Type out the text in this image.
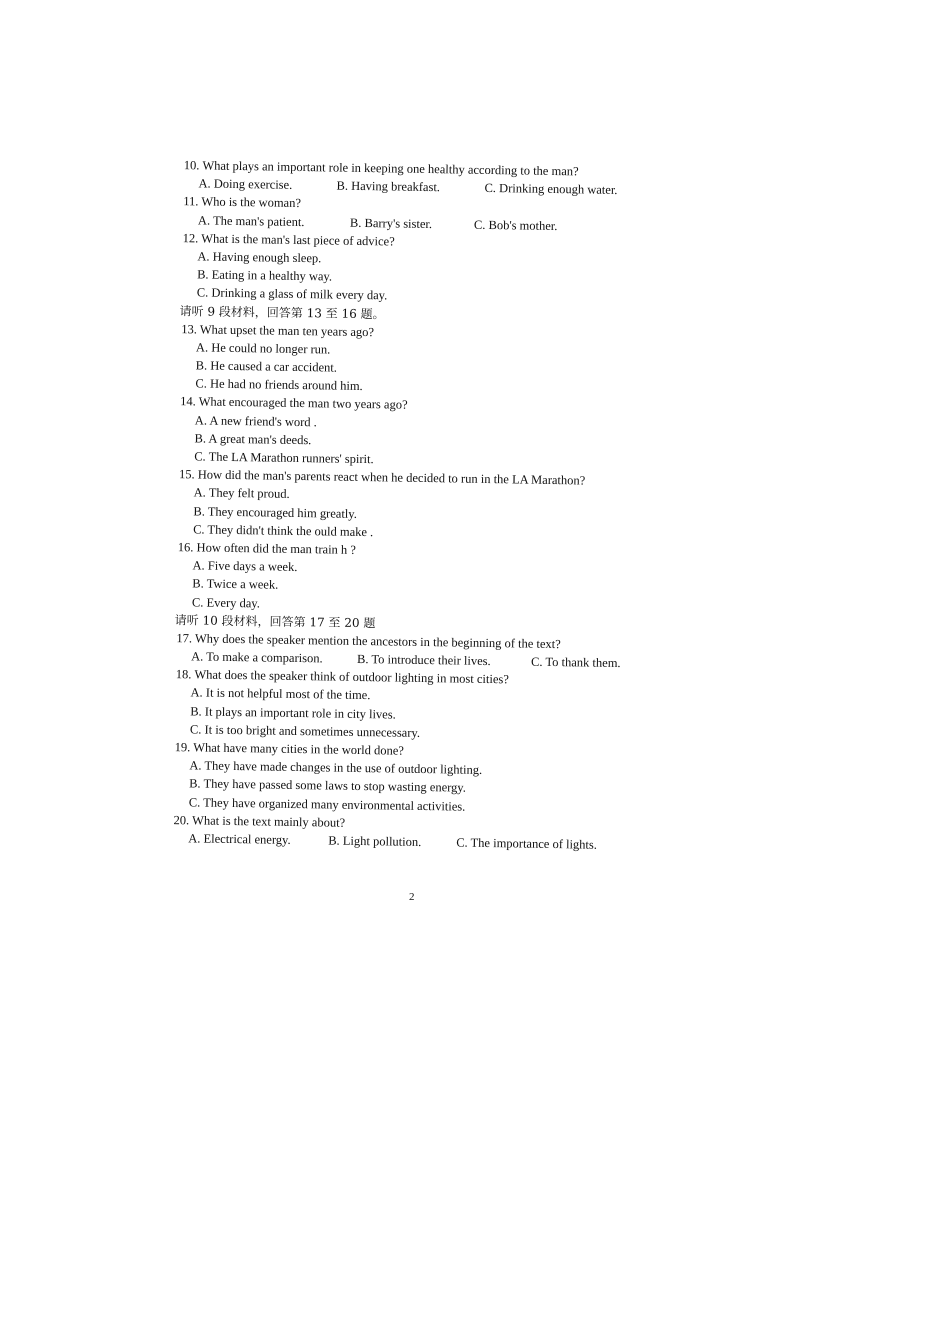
10. What plays an important role in keeping one healthy according to the man?
A. Doing exercise.	B. Having breakfast.	C. Drinking enough water.
11. Who is the woman?
A. The man's patient.	B. Barry's sister.	C. Bob's mother.
12. What is the man's last piece of advice?
A. Having enough sleep.
B. Eating in a healthy way.
C. Drinking a glass of milk every day.
请听 9 段材料，回答第 13 至 16 题。
13. What upset the man ten years ago?
A. He could no longer run.
B. He caused a car accident.
C. He had no friends around him.
14. What encouraged the man two years ago?
A. A new friend's word .
B. A great man's deeds.
C. The LA Marathon runners' spirit.
15. How did the man's parents react when he decided to run in the LA Marathon?
A. They felt proud.
B. They encouraged him greatly.
C. They didn't think the ould make .
16. How often did the man train h ?
A. Five days a week.
B. Twice a week.
C. Every day.
请听 10 段材料，回答第 17 至 20 题
17. Why does the speaker mention the ancestors in the beginning of the text?
A. To make a comparison.	B. To introduce their lives.	C. To thank them.
18. What does the speaker think of outdoor lighting in most cities?
A. It is not helpful most of the time.
B. It plays an important role in city lives.
C. It is too bright and sometimes unnecessary.
19. What have many cities in the world done?
A. They have made changes in the use of outdoor lighting.
B. They have passed some laws to stop wasting energy.
C. They have organized many environmental activities.
20. What is the text mainly about?
A. Electrical energy.	B. Light pollution.	C. The importance of lights.
2
